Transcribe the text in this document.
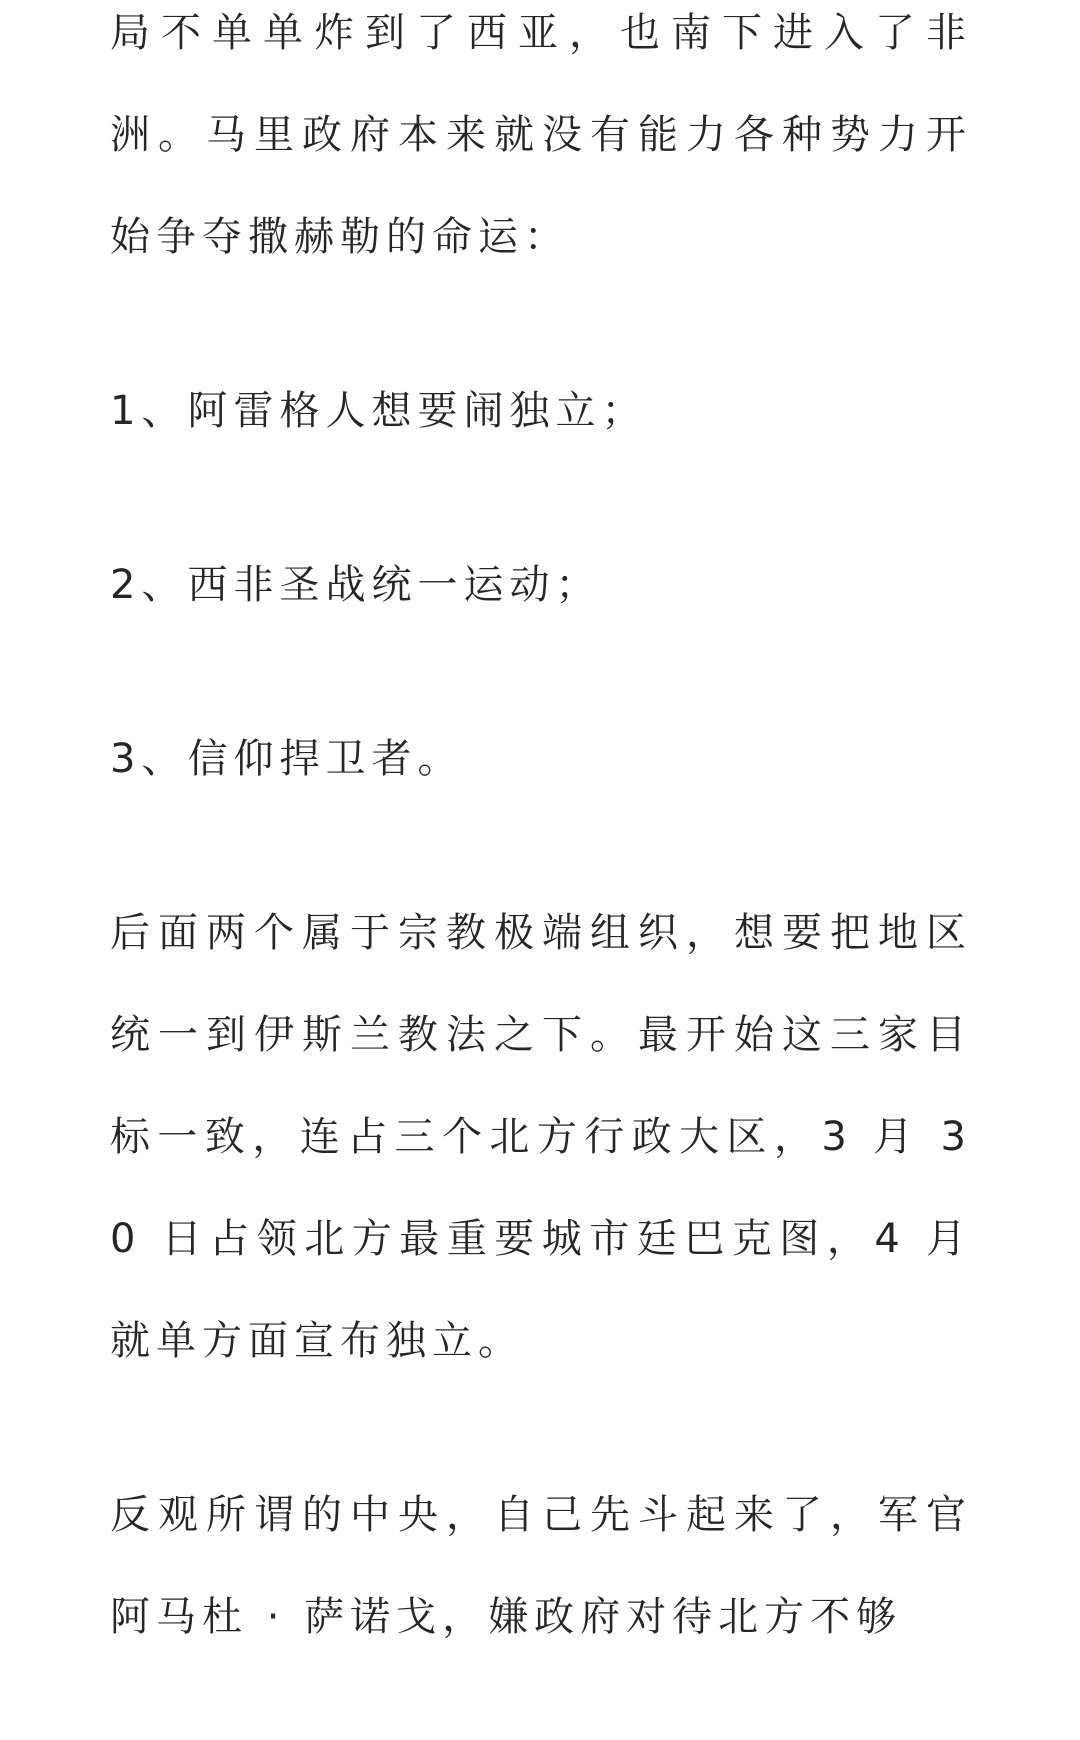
局不单单炸到了西亚，也南下进入了非洲。马里政府本来就没有能力各种势力开始争夺撒赫勒的命运：

1、阿雷格人想要闹独立；

2、西非圣战统一运动；

3、信仰捍卫者。

后面两个属于宗教极端组织，想要把地区统一到伊斯兰教法之下。最开始这三家目标一致，连占三个北方行政大区，3 月 30 日占领北方最重要城市廷巴克图，4 月就单方面宣布独立。

反观所谓的中央，自己先斗起来了，军官阿马杜 · 萨诺戈，嫌政府对待北方不够
